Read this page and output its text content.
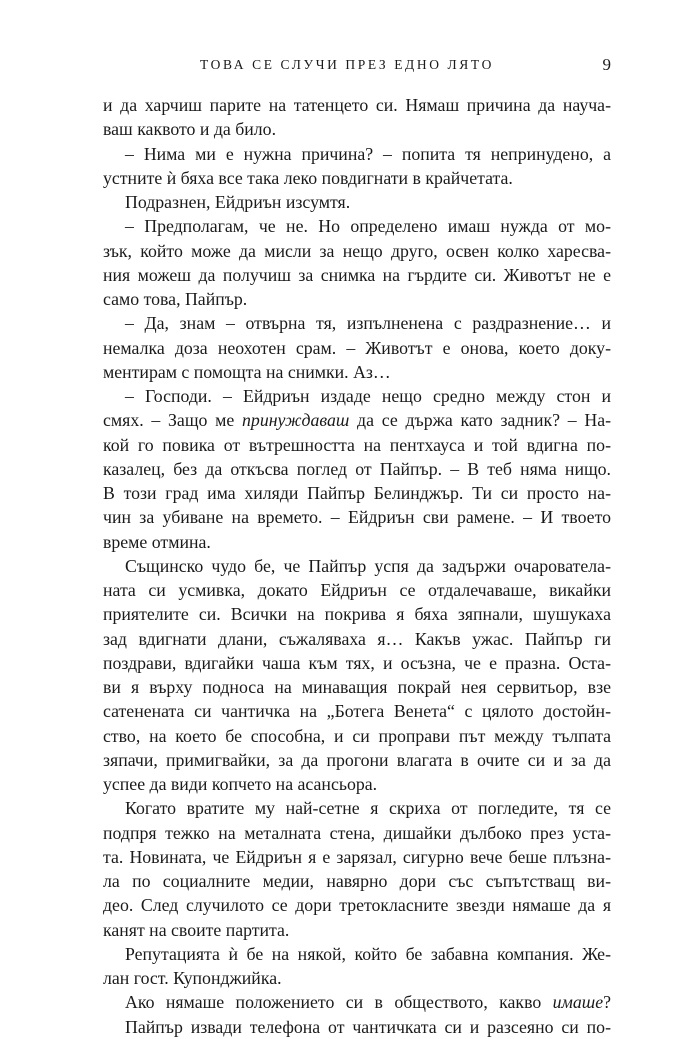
ТОВА СЕ СЛУЧИ ПРЕЗ ЕДНО ЛЯТО	9
и да харчиш парите на татенцето си. Нямаш причина да научa-
ваш каквото и да било.
– Нима ми е нужна причина? – попита тя непринудено, а
устните ѝ бяха все така леко повдигнати в крайчетата.
Подразнен, Ейдриън изсумтя.
– Предполагам, че не. Но определено имаш нужда от мо-
зък, който може да мисли за нещо друго, освен колко харесва-
ния можеш да получиш за снимка на гърдите си. Животът не е
само това, Пайпър.
– Да, знам – отвърна тя, изпълненена с раздразнение… и
немалка доза неохотен срам. – Животът е онова, което доку-
ментирам с помощта на снимки. Аз…
– Господи. – Ейдриън издаде нещо средно между стон и
смях. – Защо ме принуждаваш да се държа като задник? – На-
кой го повика от вътрешността на пентхауса и той вдигна по-
казалец, без да откъсва поглед от Пайпър. – В теб няма нищо.
В този град има хиляди Пайпър Белинджър. Ти си просто на-
чин за убиване на времето. – Ейдриън сви рамене. – И твоето
време отмина.
Същинско чудо бе, че Пайпър успя да задържи очарователа-
ната си усмивка, докато Ейдриън се отдалечаваше, викайки
приятелите си. Всички на покрива я бяха зяпнали, шушукаха
зад вдигнати длани, съжаляваха я… Какъв ужас. Пайпър ги
поздрави, вдигайки чаша към тях, и осъзна, че е празна. Оста-
ви я върху подноса на минаващия покрай нея сервитьор, взе
сатенената си чантичка на „Ботега Венета“ с цялото достойн-
ство, на което бе способна, и си проправи път между тълпата
зяпачи, примигвайки, за да прогони влагата в очите си и за да
успее да види копчето на асансьора.
Когато вратите му най-сетне я скриха от погледите, тя се
подпря тежко на металната стена, дишайки дълбоко през уста-
та. Новината, че Ейдриън я е зарязал, сигурно вече беше плъзна-
ла по социалните медии, навярно дори със съпътстващ ви-
део. След случилото се дори третокласните звезди нямаше да я
канят на своите партита.
Репутацията ѝ бе на някой, който бе забавна компания. Же-
лан гост. Купонджийка.
Ако нямаше положението си в обществото, какво имаше?
Пайпър извади телефона от чантичката си и разсеяно си по-
